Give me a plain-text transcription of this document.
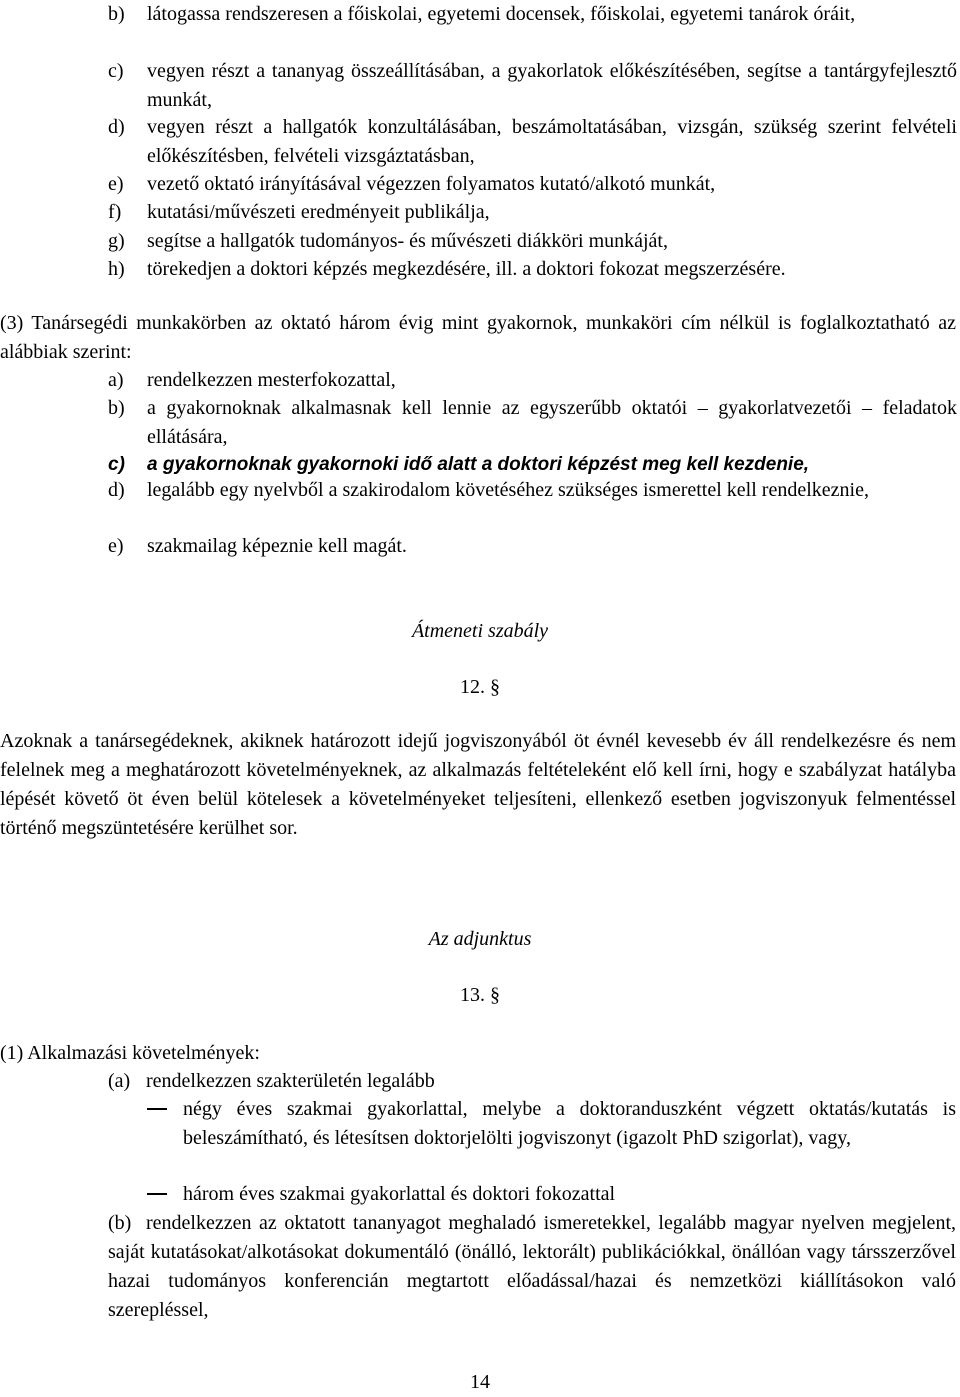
b) látogassa rendszeresen a főiskolai, egyetemi docensek, főiskolai, egyetemi tanárok óráit,
c) vegyen részt a tananyag összeállításában, a gyakorlatok előkészítésében, segítse a tantárgyfejlesztő munkát,
d) vegyen részt a hallgatók konzultálásában, beszámoltatásában, vizsgán, szükség szerint felvételi előkészítésben, felvételi vizsgáztatásban,
e) vezető oktató irányításával végezzen folyamatos kutató/alkotó munkát,
f) kutatási/művészeti eredményeit publikálja,
g) segítse a hallgatók tudományos- és művészeti diákköri munkáját,
h) törekedjen a doktori képzés megkezdésére, ill. a doktori fokozat megszerzésére.
(3) Tanársegédi munkakörben az oktató három évig mint gyakornok, munkaköri cím nélkül is foglalkoztatható az alábbiak szerint:
a) rendelkezzen mesterfokozattal,
b) a gyakornoknak alkalmasnak kell lennie az egyszerűbb oktatói – gyakorlatvezetői – feladatok ellátására,
c) a gyakornoknak gyakornoki idő alatt a doktori képzést meg kell kezdenie,
d) legalább egy nyelvből a szakirodalom követéséhez szükséges ismerettel kell rendelkeznie,
e) szakmailag képeznie kell magát.
Átmeneti szabály
12. §
Azoknak a tanársegédeknek, akiknek határozott idejű jogviszonyából öt évnél kevesebb év áll rendelkezésre és nem felelnek meg a meghatározott követelményeknek, az alkalmazás feltételeként elő kell írni, hogy e szabályzat hatályba lépését követő öt éven belül kötelesek a követelményeket teljesíteni, ellenkező esetben jogviszonyuk felmentéssel történő megszüntetésére kerülhet sor.
Az adjunktus
13. §
(1) Alkalmazási követelmények:
(a) rendelkezzen szakterületén legalább
négy éves szakmai gyakorlattal, melybe a doktoranduszként végzett oktatás/kutatás is beleszámítható, és létesítsen doktorjelölti jogviszonyt (igazolt PhD szigorlat), vagy,
három éves szakmai gyakorlattal és doktori fokozattal
(b) rendelkezzen az oktatott tananyagot meghaladó ismeretekkel, legalább magyar nyelven megjelent, saját kutatásokat/alkotásokat dokumentáló (önálló, lektorált) publikációkkal, önállóan vagy társszerzővel hazai tudományos konferencián megtartott előadással/hazai és nemzetközi kiállításokon való szerepléssel,
14
